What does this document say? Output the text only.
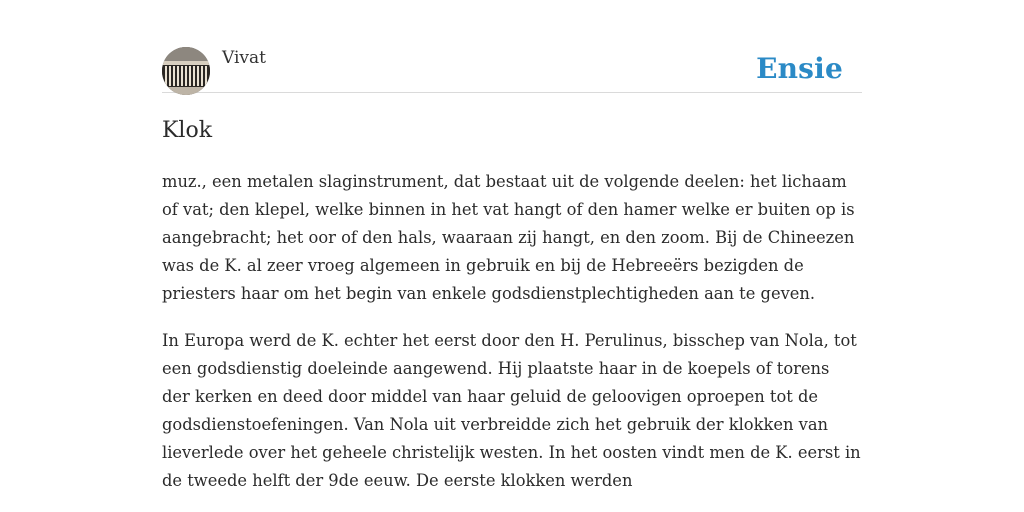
Vivat	Ensie
Klok

muz., een metalen slaginstrument, dat bestaat uit de volgende deelen: het lichaam of vat; den klepel, welke binnen in het vat hangt of den hamer welke er buiten op is aangebracht; het oor of den hals, waaraan zij hangt, en den zoom. Bij de Chineezen was de K. al zeer vroeg algemeen in gebruik en bij de Hebreeërs bezigden de priesters haar om het begin van enkele godsdienstplechtigheden aan te geven.

In Europa werd de K. echter het eerst door den H. Perulinus, bisschep van Nola, tot een godsdienstig doeleinde aangewend. Hij plaatste haar in de koepels of torens der kerken en deed door middel van haar geluid de geloovigen oproepen tot de godsdienstoefeningen. Van Nola uit verbreidde zich het gebruik der klokken van lieverlede over het geheele christelijk westen. In het oosten vindt men de K. eerst in de tweede helft der 9de eeuw. De eerste klokken werden
